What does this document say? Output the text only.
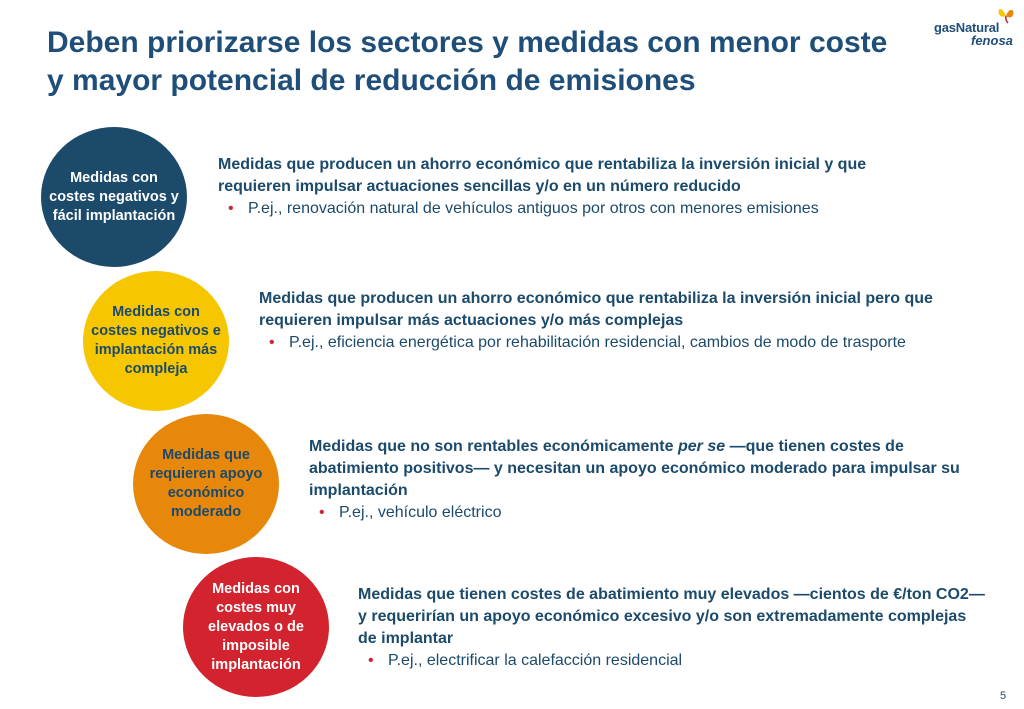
Deben priorizarse los sectores y medidas con menor coste
y mayor potencial de reducción de emisiones
gasNatural
fenosa
Medidas con costes negativos y fácil implantación
Medidas con costes negativos e implantación más compleja
Medidas que requieren apoyo económico moderado
Medidas con costes muy elevados o de imposible implantación
Medidas que producen un ahorro económico que rentabiliza la inversión inicial y que requieren impulsar actuaciones sencillas y/o en un número reducido
• P.ej., renovación natural de vehículos antiguos por otros con menores emisiones
Medidas que producen un ahorro económico que rentabiliza la inversión inicial pero que requieren impulsar más actuaciones y/o más complejas
• P.ej., eficiencia energética por rehabilitación residencial, cambios de modo de trasporte
Medidas que no son rentables económicamente per se —que tienen costes de abatimiento positivos— y necesitan un apoyo económico moderado para impulsar su implantación
• P.ej., vehículo eléctrico
Medidas que tienen costes de abatimiento muy elevados —cientos de €/ton CO2— y requerirían un apoyo económico excesivo y/o son extremadamente complejas de implantar
• P.ej., electrificar la calefacción residencial
5
